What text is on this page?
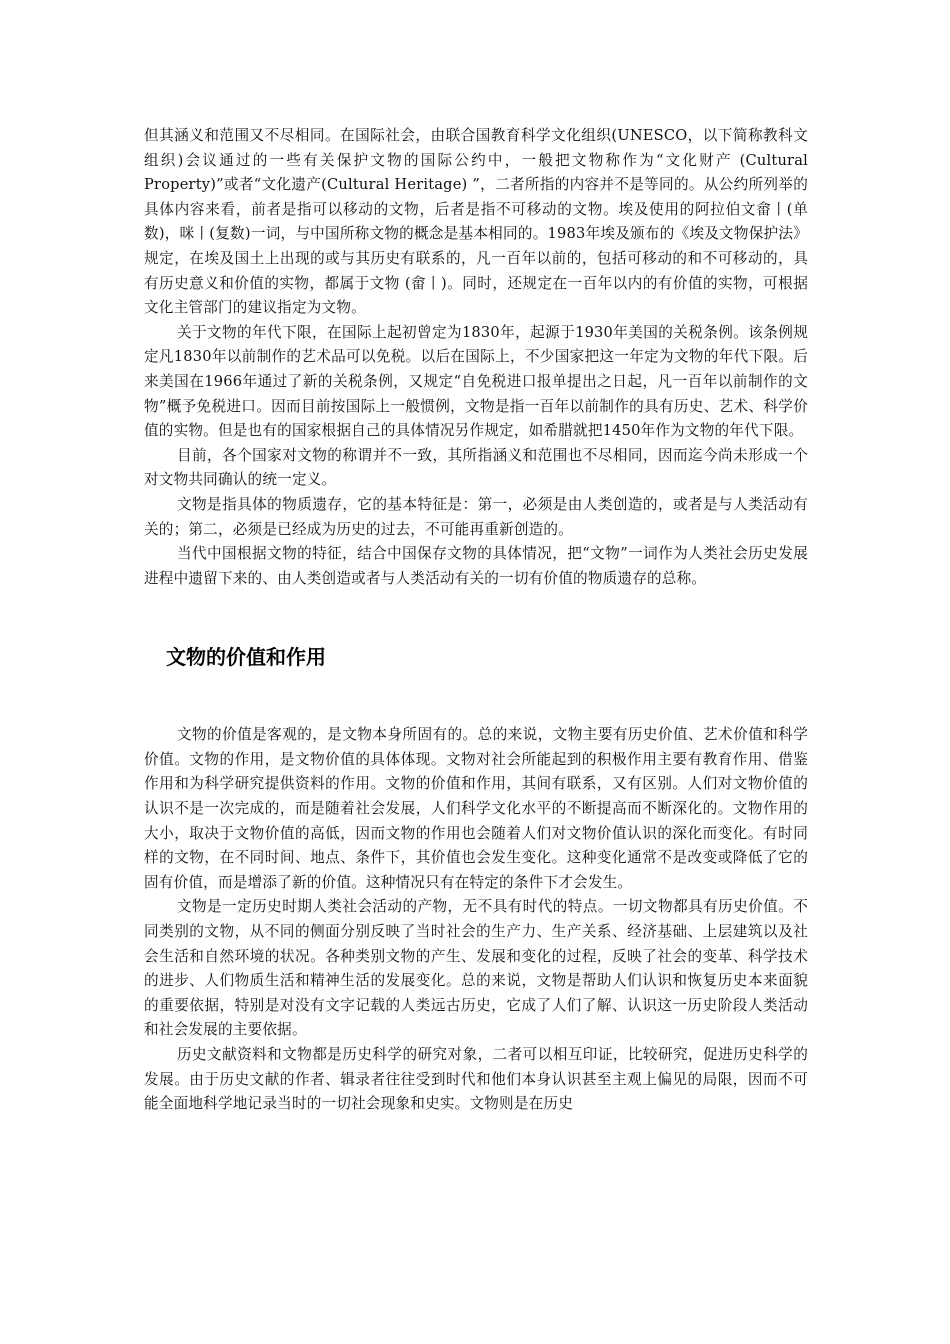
但其涵义和范围又不尽相同。在国际社会，由联合国教育科学文化组织(UNESCO，以下简称教科文组织)会议通过的一些有关保护文物的国际公约中，一般把文物称作为“文化财产 (Cultural Property)”或者“文化遗产(Cultural Heritage) ”，二者所指的内容并不是等同的。从公约所列举的具体内容来看，前者是指可以移动的文物，后者是指不可移动的文物。埃及使用的阿拉伯文畲丨(单数)，咪丨(复数)一词，与中国所称文物的概念是基本相同的。1983年埃及颁布的《埃及文物保护法》规定，在埃及国土上出现的或与其历史有联系的，凡一百年以前的，包括可移动的和不可移动的，具有历史意义和价值的实物，都属于文物 (畲丨)。同时，还规定在一百年以内的有价值的实物，可根据文化主管部门的建议指定为文物。

关于文物的年代下限，在国际上起初曾定为1830年，起源于1930年美国的关税条例。该条例规定凡1830年以前制作的艺术品可以免税。以后在国际上，不少国家把这一年定为文物的年代下限。后来美国在1966年通过了新的关税条例，又规定“自免税进口报单提出之日起，凡一百年以前制作的文物”概予免税进口。因而目前按国际上一般惯例，文物是指一百年以前制作的具有历史、艺术、科学价值的实物。但是也有的国家根据自己的具体情况另作规定，如希腊就把1450年作为文物的年代下限。

目前，各个国家对文物的称谓并不一致，其所指涵义和范围也不尽相同，因而迄今尚未形成一个对文物共同确认的统一定义。

文物是指具体的物质遗存，它的基本特征是：第一，必须是由人类创造的，或者是与人类活动有关的；第二，必须是已经成为历史的过去，不可能再重新创造的。

当代中国根据文物的特征，结合中国保存文物的具体情况，把“文物”一词作为人类社会历史发展进程中遗留下来的、由人类创造或者与人类活动有关的一切有价值的物质遗存的总称。

文物的价值和作用

文物的价值是客观的，是文物本身所固有的。总的来说，文物主要有历史价值、艺术价值和科学价值。文物的作用，是文物价值的具体体现。文物对社会所能起到的积极作用主要有教育作用、借鉴作用和为科学研究提供资料的作用。文物的价值和作用，其间有联系，又有区别。人们对文物价值的认识不是一次完成的，而是随着社会发展，人们科学文化水平的不断提高而不断深化的。文物作用的大小，取决于文物价值的高低，因而文物的作用也会随着人们对文物价值认识的深化而变化。有时同样的文物，在不同时间、地点、条件下，其价值也会发生变化。这种变化通常不是改变或降低了它的固有价值，而是增添了新的价值。这种情况只有在特定的条件下才会发生。

文物是一定历史时期人类社会活动的产物，无不具有时代的特点。一切文物都具有历史价值。不同类别的文物，从不同的侧面分别反映了当时社会的生产力、生产关系、经济基础、上层建筑以及社会生活和自然环境的状况。各种类别文物的产生、发展和变化的过程，反映了社会的变革、科学技术的进步、人们物质生活和精神生活的发展变化。总的来说，文物是帮助人们认识和恢复历史本来面貌的重要依据，特别是对没有文字记载的人类远古历史，它成了人们了解、认识这一历史阶段人类活动和社会发展的主要依据。

历史文献资料和文物都是历史科学的研究对象，二者可以相互印证，比较研究，促进历史科学的发展。由于历史文献的作者、辑录者往往受到时代和他们本身认识甚至主观上偏见的局限，因而不可能全面地科学地记录当时的一切社会现象和史实。文物则是在历史
